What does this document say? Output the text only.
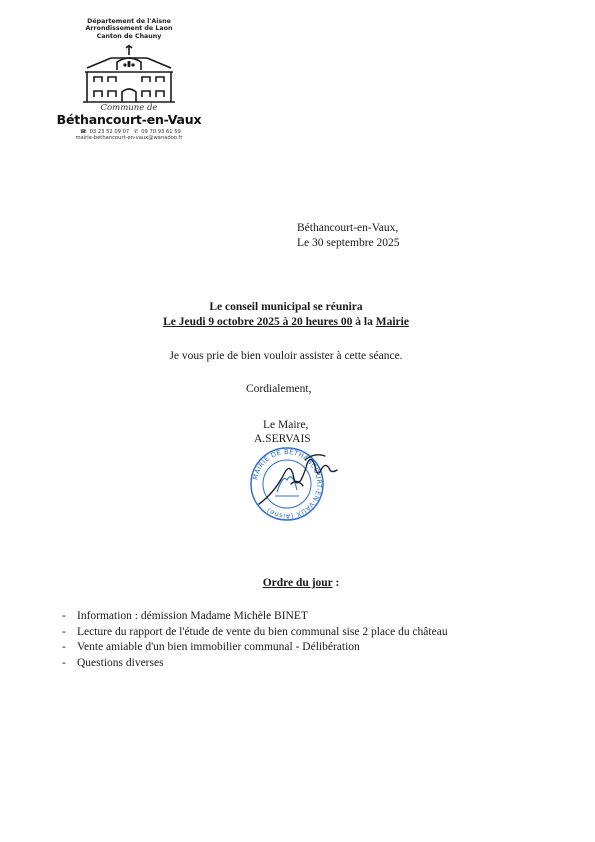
Département de l'Aisne
Arrondissement de Laon
Canton de Chauny
Commune de
Béthancourt-en-Vaux
☎ 03 23 52 09 07 ✆ 09 70 93 61 59
mairie-bethancourt-en-vaux@wanadoo.fr
Béthancourt-en-Vaux,
Le 30 septembre 2025
Le conseil municipal se réunira
Le Jeudi 9 octobre 2025 à 20 heures 00 à la Mairie
Je vous prie de bien vouloir assister à cette séance.
Cordialement,
Le Maire,
A.SERVAIS
MAIRIE DE BÉTHANCOURT-EN-VAUX (Aisne)
Ordre du jour :
- Information : démission Madame Michèle BINET
- Lecture du rapport de l'étude de vente du bien communal sise 2 place du château
- Vente amiable d'un bien immobilier communal - Délibération
- Questions diverses
